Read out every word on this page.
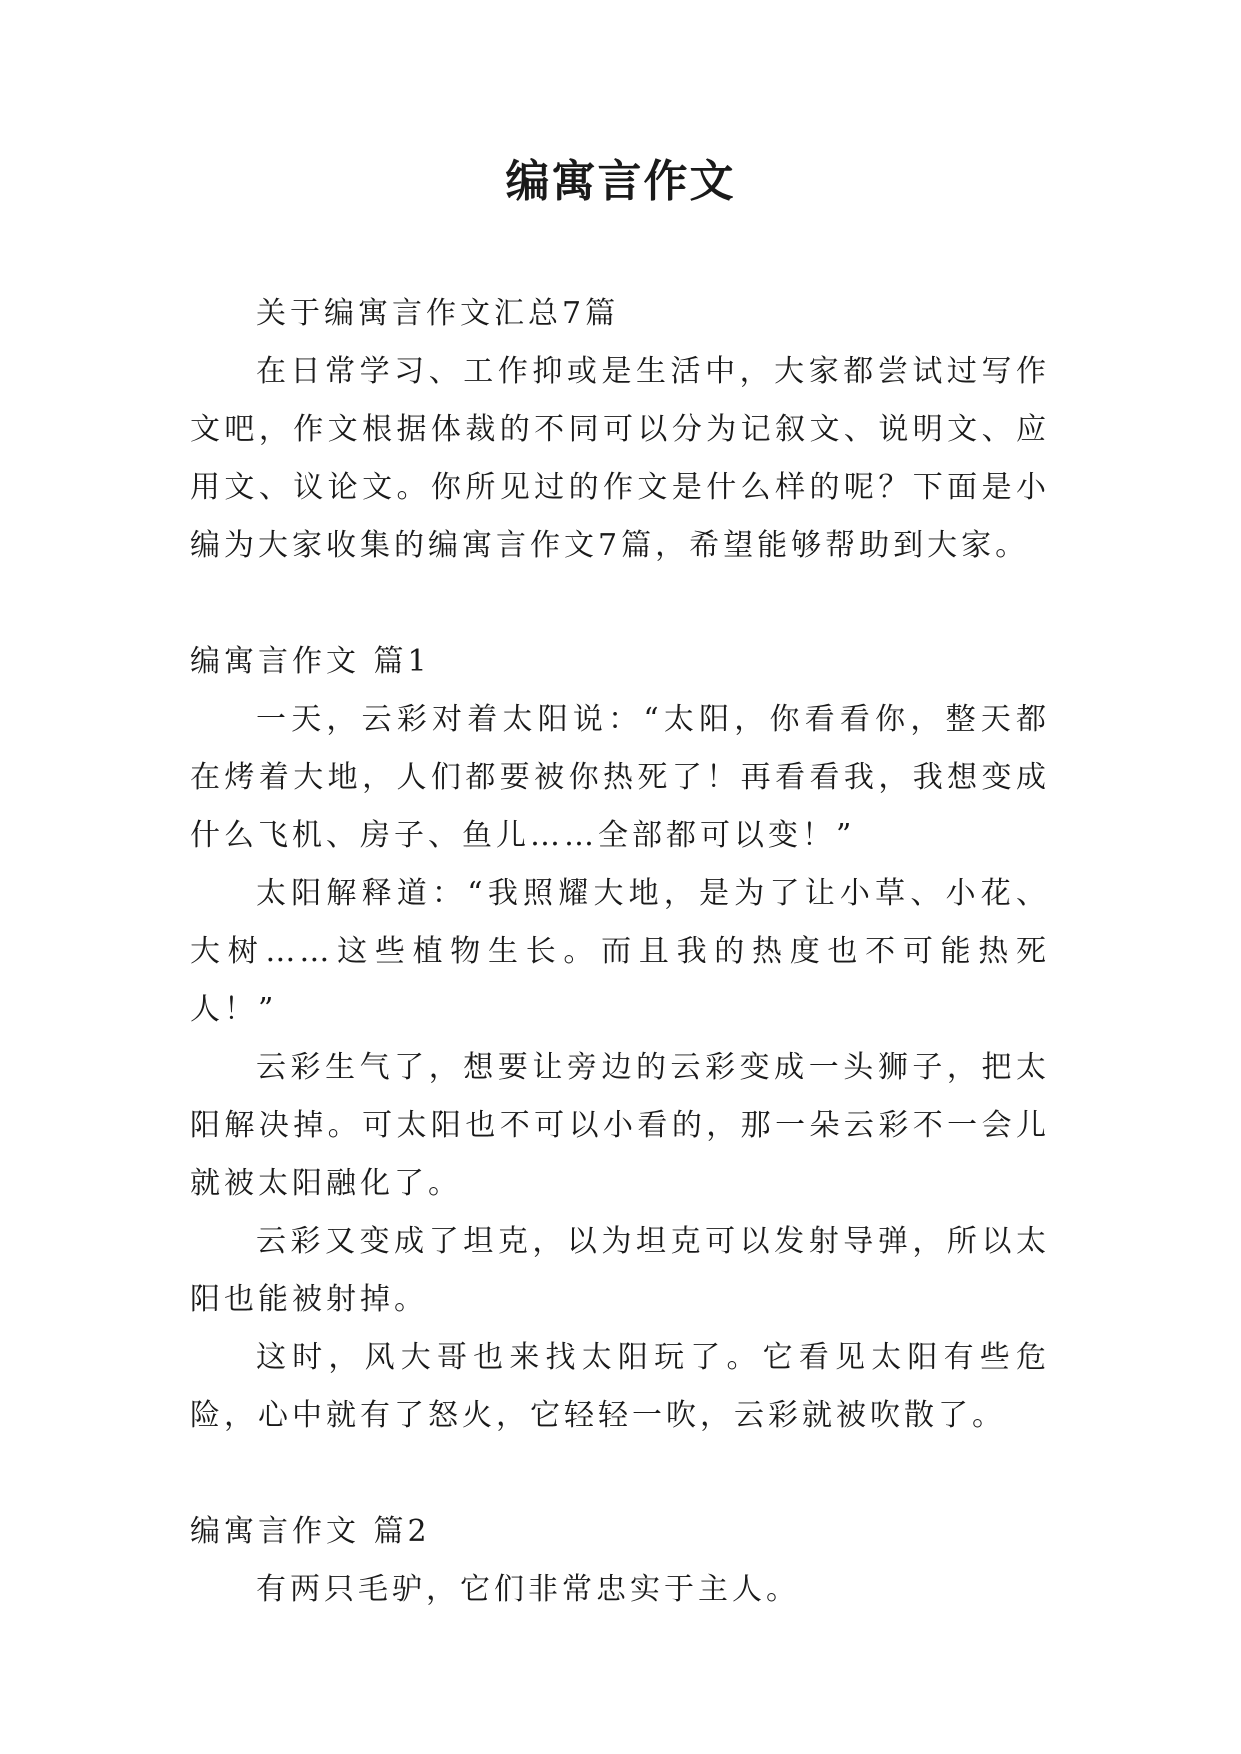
编寓言作文

关于编寓言作文汇总7篇

在日常学习、工作抑或是生活中，大家都尝试过写作文吧，作文根据体裁的不同可以分为记叙文、说明文、应用文、议论文。你所见过的作文是什么样的呢？下面是小编为大家收集的编寓言作文7篇，希望能够帮助到大家。

编寓言作文 篇1

一天，云彩对着太阳说：“太阳，你看看你，整天都在烤着大地，人们都要被你热死了！再看看我，我想变成什么飞机、房子、鱼儿……全部都可以变！”

太阳解释道：“我照耀大地，是为了让小草、小花、大树……这些植物生长。而且我的热度也不可能热死人！”

云彩生气了，想要让旁边的云彩变成一头狮子，把太阳解决掉。可太阳也不可以小看的，那一朵云彩不一会儿就被太阳融化了。

云彩又变成了坦克，以为坦克可以发射导弹，所以太阳也能被射掉。

这时，风大哥也来找太阳玩了。它看见太阳有些危险，心中就有了怒火，它轻轻一吹，云彩就被吹散了。

编寓言作文 篇2

有两只毛驴，它们非常忠实于主人。
